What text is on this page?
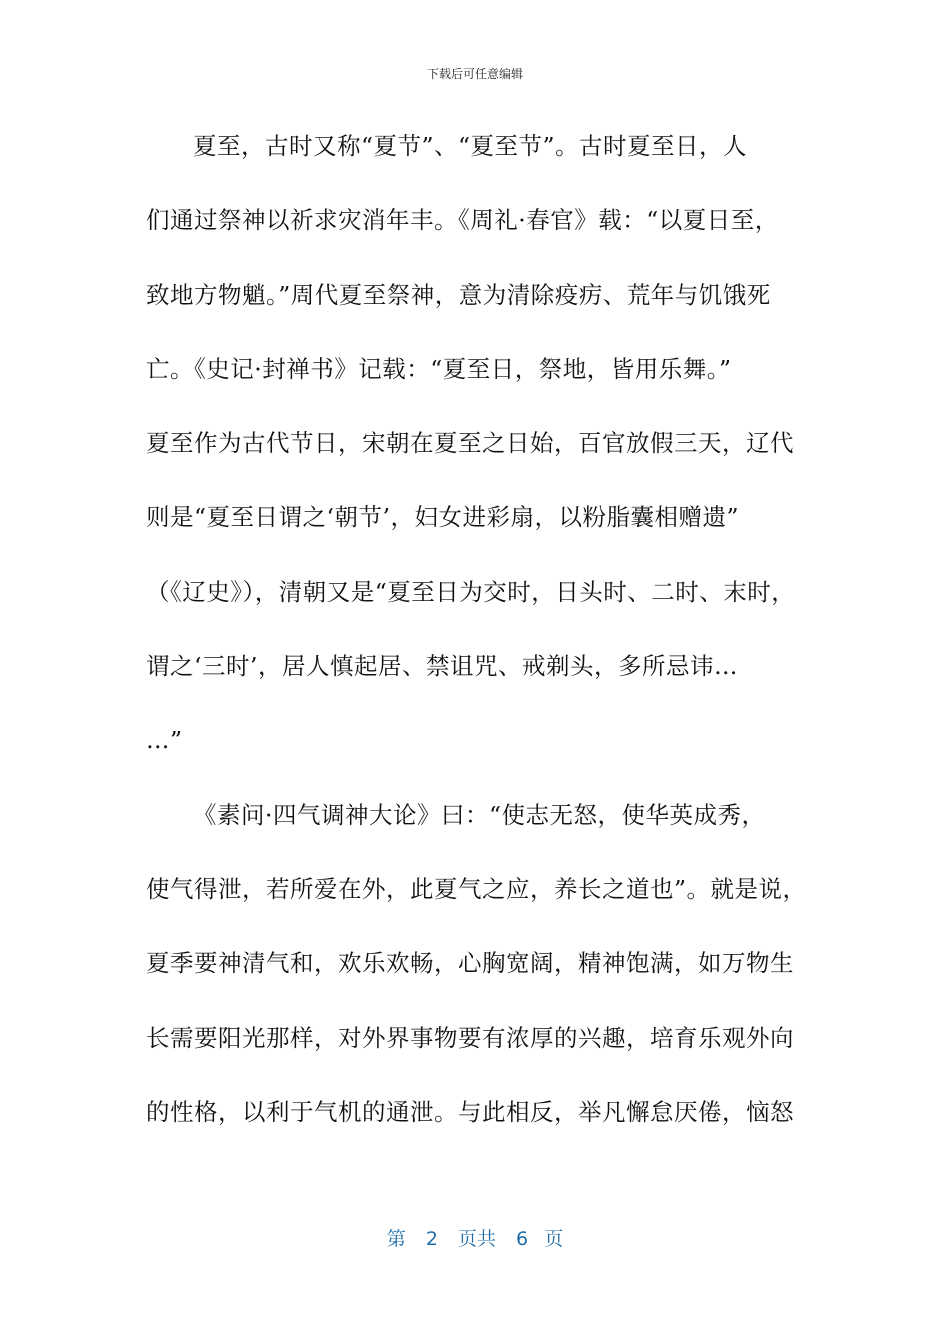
下载后可任意编辑
夏至，古时又称“夏节”、“夏至节”。古时夏至日，人
们通过祭神以祈求灾消年丰。《周礼·春官》载：“以夏日至，
致地方物魈。”周代夏至祭神，意为清除疫疠、荒年与饥饿死
亡。《史记·封禅书》记载：“夏至日，祭地，皆用乐舞。”
夏至作为古代节日，宋朝在夏至之日始，百官放假三天，辽代
则是“夏至日谓之‘朝节’，妇女进彩扇，以粉脂囊相赠遗”
（《辽史》），清朝又是“夏至日为交时，日头时、二时、末时，
谓之‘三时’，居人慎起居、禁诅咒、戒剃头，多所忌讳…
…”
《素问·四气调神大论》曰：“使志无怒，使华英成秀，
使气得泄，若所爱在外，此夏气之应，养长之道也”。就是说，
夏季要神清气和，欢乐欢畅，心胸宽阔，精神饱满，如万物生
长需要阳光那样，对外界事物要有浓厚的兴趣，培育乐观外向
的性格，以利于气机的通泄。与此相反，举凡懈怠厌倦，恼怒
第 2 页共 6 页
